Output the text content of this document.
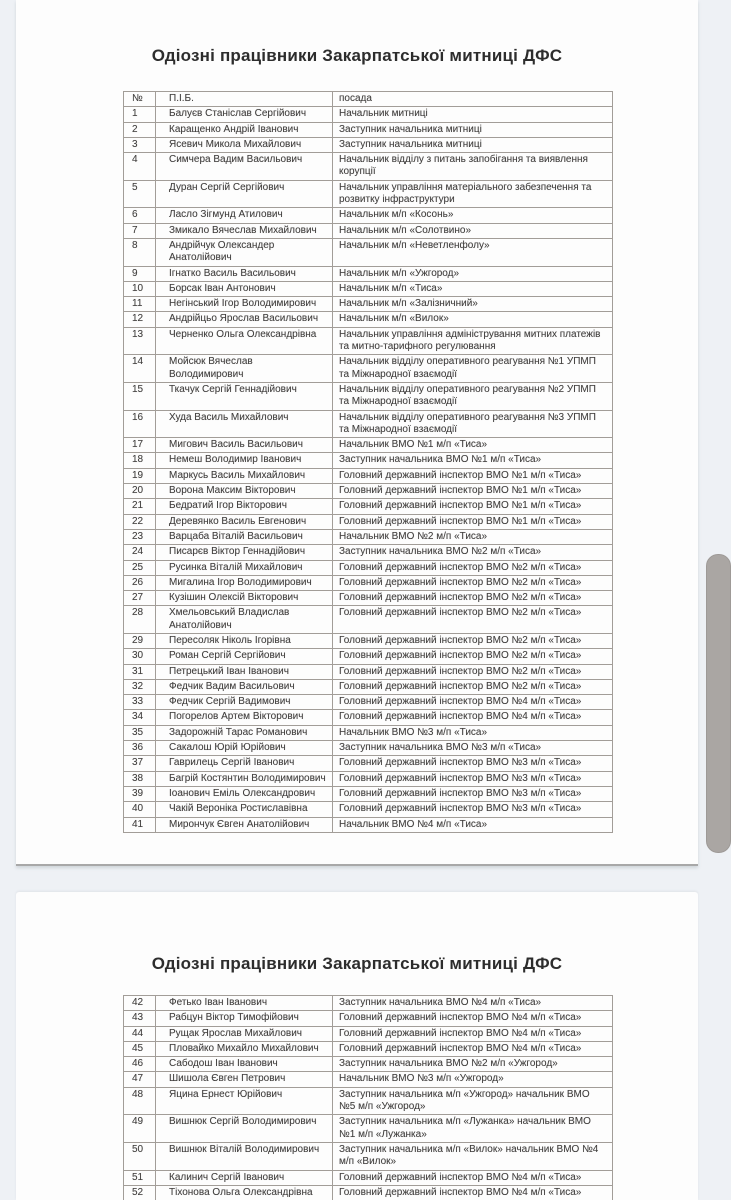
Одіозні працівники Закарпатської митниці ДФС
№	П.І.Б.	посада
1	Балуєв Станіслав Сергійович	Начальник митниці
2	Каращенко Андрій Іванович	Заступник начальника митниці
3	Ясевич Микола Михайлович	Заступник начальника митниці
4	Симчера Вадим Васильович	Начальник відділу з питань запобігання та виявлення корупції
5	Дуран Сергій Сергійович	Начальник управління матеріального забезпечення та розвитку інфраструктури
6	Ласло Зігмунд Атилович	Начальник м/п «Косонь»
7	Змикало Вячеслав Михайлович	Начальник м/п «Солотвино»
8	Андрійчук Олександер Анатолійович	Начальник м/п «Неветленфолу»
9	Ігнатко Василь Васильович	Начальник м/п «Ужгород»
10	Борсак Іван Антонович	Начальник м/п «Тиса»
11	Негінський Ігор Володимирович	Начальник м/п «Залізничний»
12	Андрійцьо Ярослав Васильович	Начальник м/п «Вилок»
13	Черненко Ольга Олександрівна	Начальник управління адміністрування митних платежів та митно-тарифного регулювання
14	Мойсюк Вячеслав Володимирович	Начальник відділу оперативного реагування №1 УПМП та Міжнародної взаємодії
15	Ткачук Сергій Геннадійович	Начальник відділу оперативного реагування №2 УПМП та Міжнародної взаємодії
16	Худа Василь Михайлович	Начальник відділу оперативного реагування №3 УПМП та Міжнародної взаємодії
17	Мигович Василь Васильович	Начальник ВМО №1 м/п «Тиса»
18	Немеш Володимир Іванович	Заступник начальника ВМО №1 м/п «Тиса»
19	Маркусь Василь Михайлович	Головний державний інспектор ВМО №1 м/п «Тиса»
20	Ворона Максим Вікторович	Головний державний інспектор ВМО №1 м/п «Тиса»
21	Бедратий Ігор Вікторович	Головний державний інспектор ВМО №1 м/п «Тиса»
22	Деревянко Василь Евгенович	Головний державний інспектор ВМО №1 м/п «Тиса»
23	Варцаба Віталій Васильович	Начальник ВМО №2 м/п «Тиса»
24	Писарєв Віктор Геннадійович	Заступник начальника ВМО №2 м/п «Тиса»
25	Русинка Віталій Михайлович	Головний державний інспектор ВМО №2 м/п «Тиса»
26	Мигалина Ігор Володимирович	Головний державний інспектор ВМО №2 м/п «Тиса»
27	Кузішин Олексій Вікторович	Головний державний інспектор ВМО №2 м/п «Тиса»
28	Хмельовський Владислав Анатолійович	Головний державний інспектор ВМО №2 м/п «Тиса»
29	Пересоляк Ніколь Ігорівна	Головний державний інспектор ВМО №2 м/п «Тиса»
30	Роман Сергій Сергійович	Головний державний інспектор ВМО №2 м/п «Тиса»
31	Петрецький Іван Іванович	Головний державний інспектор ВМО №2 м/п «Тиса»
32	Федчик Вадим Васильович	Головний державний інспектор ВМО №2 м/п «Тиса»
33	Федчик Сергій Вадимович	Головний державний інспектор ВМО №4 м/п «Тиса»
34	Погорелов Артем Вікторович	Головний державний інспектор ВМО №4 м/п «Тиса»
35	Задорожній Тарас Романович	Начальник ВМО №3 м/п «Тиса»
36	Сакалош Юрій Юрійович	Заступник начальника ВМО №3 м/п «Тиса»
37	Гаврилець Сергій Іванович	Головний державний інспектор ВМО №3 м/п «Тиса»
38	Багрій Костянтин Володимирович	Головний державний інспектор ВМО №3 м/п «Тиса»
39	Іоанович Еміль Олександрович	Головний державний інспектор ВМО №3 м/п «Тиса»
40	Чакій Вероніка Ростиславівна	Головний державний інспектор ВМО №3 м/п «Тиса»
41	Мирончук Євген Анатолійович	Начальник ВМО №4 м/п «Тиса»
Одіозні працівники Закарпатської митниці ДФС
42	Фетько Іван Іванович	Заступник начальника ВМО №4 м/п «Тиса»
43	Рабцун Віктор Тимофійович	Головний державний інспектор ВМО №4 м/п «Тиса»
44	Рущак Ярослав Михайлович	Головний державний інспектор ВМО №4 м/п «Тиса»
45	Пловайко Михайло Михайлович	Головний державний інспектор ВМО №4 м/п «Тиса»
46	Сабодош Іван Іванович	Заступник начальника ВМО №2 м/п «Ужгород»
47	Шишола Євген Петрович	Начальник ВМО №3 м/п «Ужгород»
48	Яцина Ернест Юрійович	Заступник начальника м/п «Ужгород» начальник ВМО №5 м/п «Ужгород»
49	Вишнюк Сергій Володимирович	Заступник начальника м/п «Лужанка» начальник ВМО №1 м/п «Лужанка»
50	Вишнюк Віталій Володимирович	Заступник начальника м/п «Вилок» начальник ВМО №4 м/п «Вилок»
51	Калинич Сергій Іванович	Головний державний інспектор ВМО №4 м/п «Тиса»
52	Тіхонова Ольга Олександрівна	Головний державний інспектор ВМО №4 м/п «Тиса»
